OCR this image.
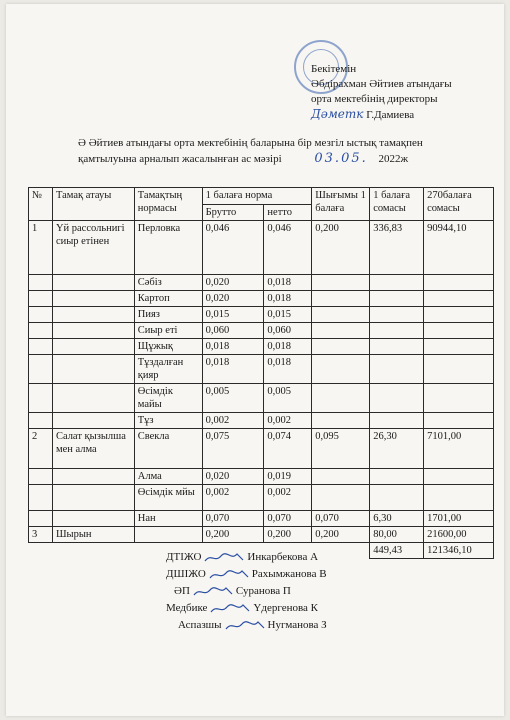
Бекітемін
Әбдірахман Әйтиев атындағы
орта мектебінің директоры
Дәметк Г.Дамиева
Ә Әйтиев атындағы орта мектебінің баларына бір мезгіл ыстық тамақпен
қамтылуына арналып жасалынған ас мәзірі	03.05. 2022ж
№	Тамақ атауы	Тамақтың нормасы	1 балаға норма		Шығымы 1 балаға	1 балаға сомасы	270балаға сомасы
			Брутто	нетто			
1	Үй рассольнигі сиыр етінен	Перловка	0,046	0,046	0,200	336,83	90944,10
		Сәбіз	0,020	0,018			
		Картоп	0,020	0,018			
		Пияз	0,015	0,015			
		Сиыр еті	0,060	0,060			
		Щұжық	0,018	0,018			
		Тұздалған қияр	0,018	0,018			
		Өсімдік майы	0,005	0,005			
		Тұз	0,002	0,002			
2	Салат қызылша мен алма	Свекла	0,075	0,074	0,095	26,30	7101,00
		Алма	0,020	0,019			
		Өсімдік мйы	0,002	0,002			
		Нан	0,070	0,070	0,070	6,30	1701,00
3	Шырын		0,200	0,200	0,200	80,00	21600,00
						449,43	121346,10
ДТІЖО	Инкарбекова А
ДШІЖО	Рахымжанова В
ӘП	Суранова П
Медбике	Үдергенова К
Аспазшы	Нугманова З
